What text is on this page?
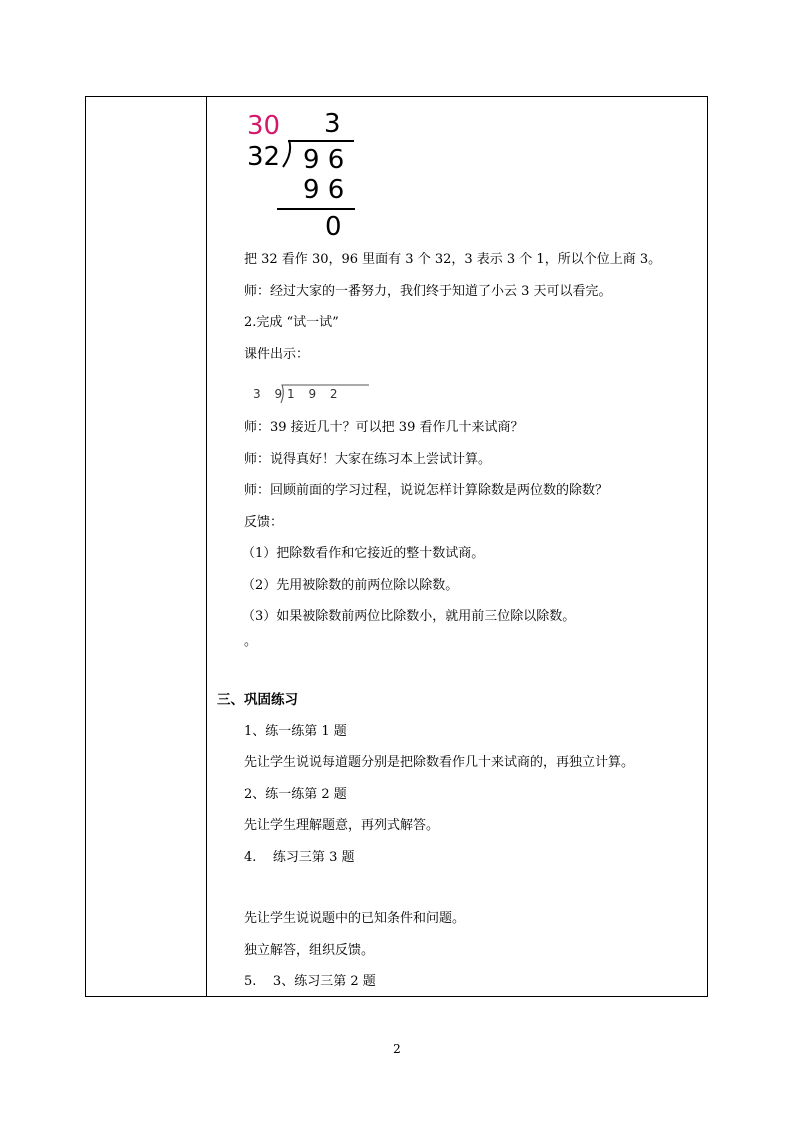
30 3
32 9 6
9 6
0
把 32 看作 30，96 里面有 3 个 32，3 表示 3 个 1，所以个位上商 3。
师：经过大家的一番努力，我们终于知道了小云 3 天可以看完。
2.完成 “试一试”
课件出示：
3 9 1 9 2
师：39 接近几十？可以把 39 看作几十来试商？
师：说得真好！大家在练习本上尝试计算。
师：回顾前面的学习过程，说说怎样计算除数是两位数的除数？
反馈：
（1）把除数看作和它接近的整十数试商。
（2）先用被除数的前两位除以除数。
（3）如果被除数前两位比除数小，就用前三位除以除数。
。
三、巩固练习
1、练一练第 1 题
先让学生说说每道题分别是把除数看作几十来试商的，再独立计算。
2、练一练第 2 题
先让学生理解题意，再列式解答。
4.    练习三第 3 题
先让学生说说题中的已知条件和问题。
独立解答，组织反馈。
5.    3、练习三第 2 题
2
